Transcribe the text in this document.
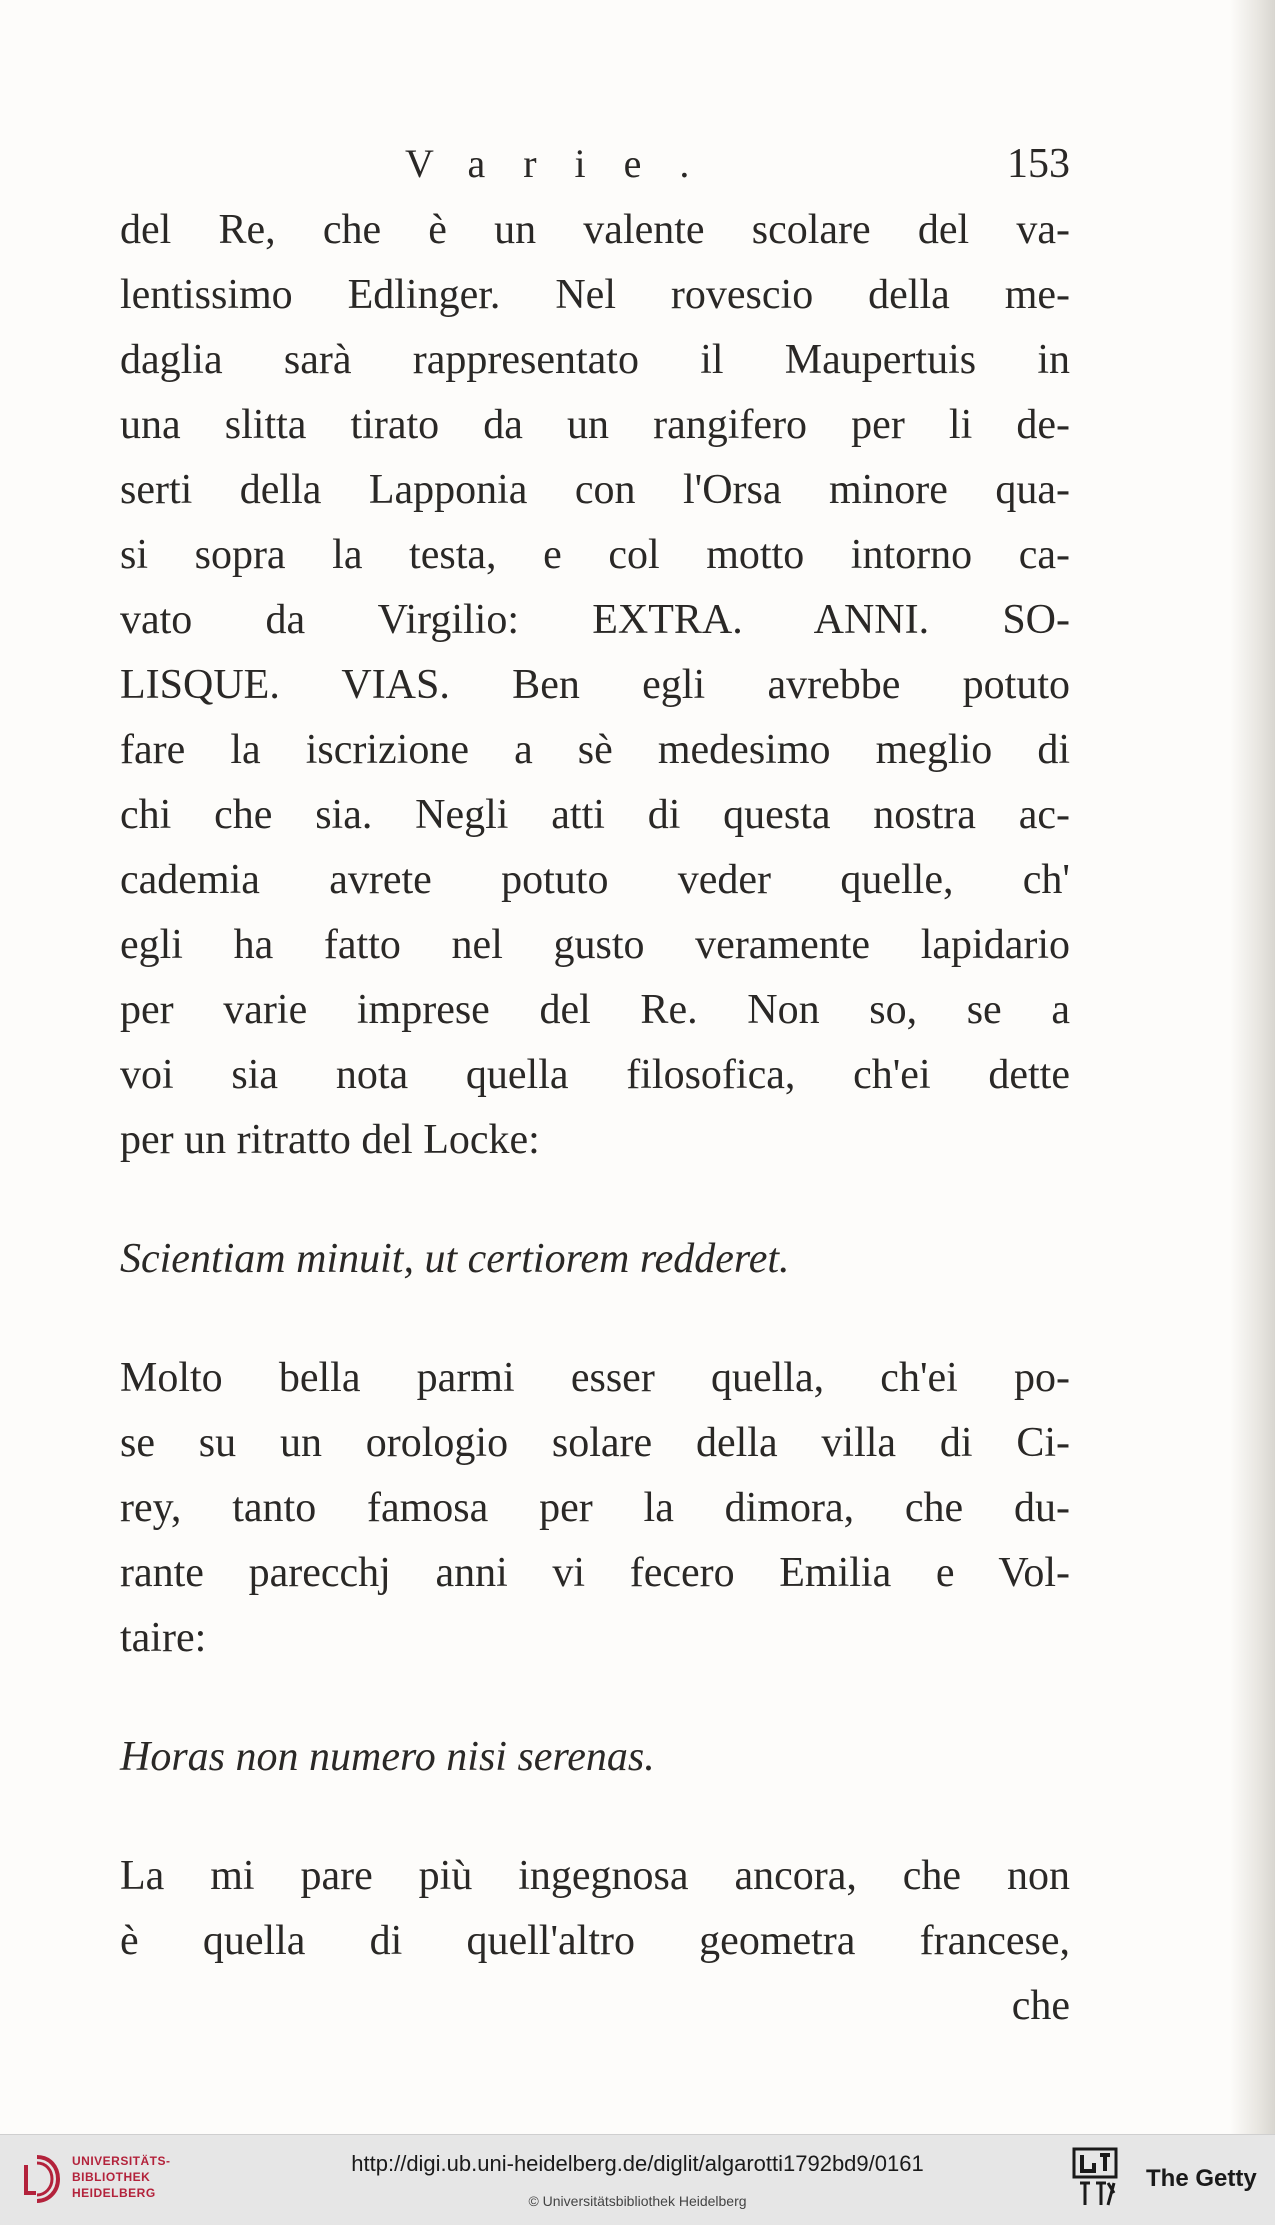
Varie.	153
del Re, che è un valente scolare del va-
lentissimo Edlinger. Nel rovescio della me-
daglia sarà rappresentato il Maupertuis in
una slitta tirato da un rangifero per li de-
serti della Lapponia con l'Orsa minore qua-
si sopra la testa, e col motto intorno ca-
vato da Virgilio: EXTRA. ANNI. SO-
LISQUE. VIAS. Ben egli avrebbe potuto
fare la iscrizione a sè medesimo meglio di
chi che sia. Negli atti di questa nostra ac-
cademia avrete potuto veder quelle, ch'
egli ha fatto nel gusto veramente lapidario
per varie imprese del Re. Non so, se a
voi sia nota quella filosofica, ch'ei dette
per un ritratto del Locke:
Scientiam minuit, ut certiorem redderet.
Molto bella parmi esser quella, ch'ei po-
se su un orologio solare della villa di Ci-
rey, tanto famosa per la dimora, che du-
rante parecchj anni vi fecero Emilia e Vol-
taire:
Horas non numero nisi serenas.
La mi pare più ingegnosa ancora, che non
è quella di quell'altro geometra francese,
che
UNIVERSITÄTS-
BIBLIOTHEK
HEIDELBERG
http://digi.ub.uni-heidelberg.de/diglit/algarotti1792bd9/0161
© Universitätsbibliothek Heidelberg
The Getty
